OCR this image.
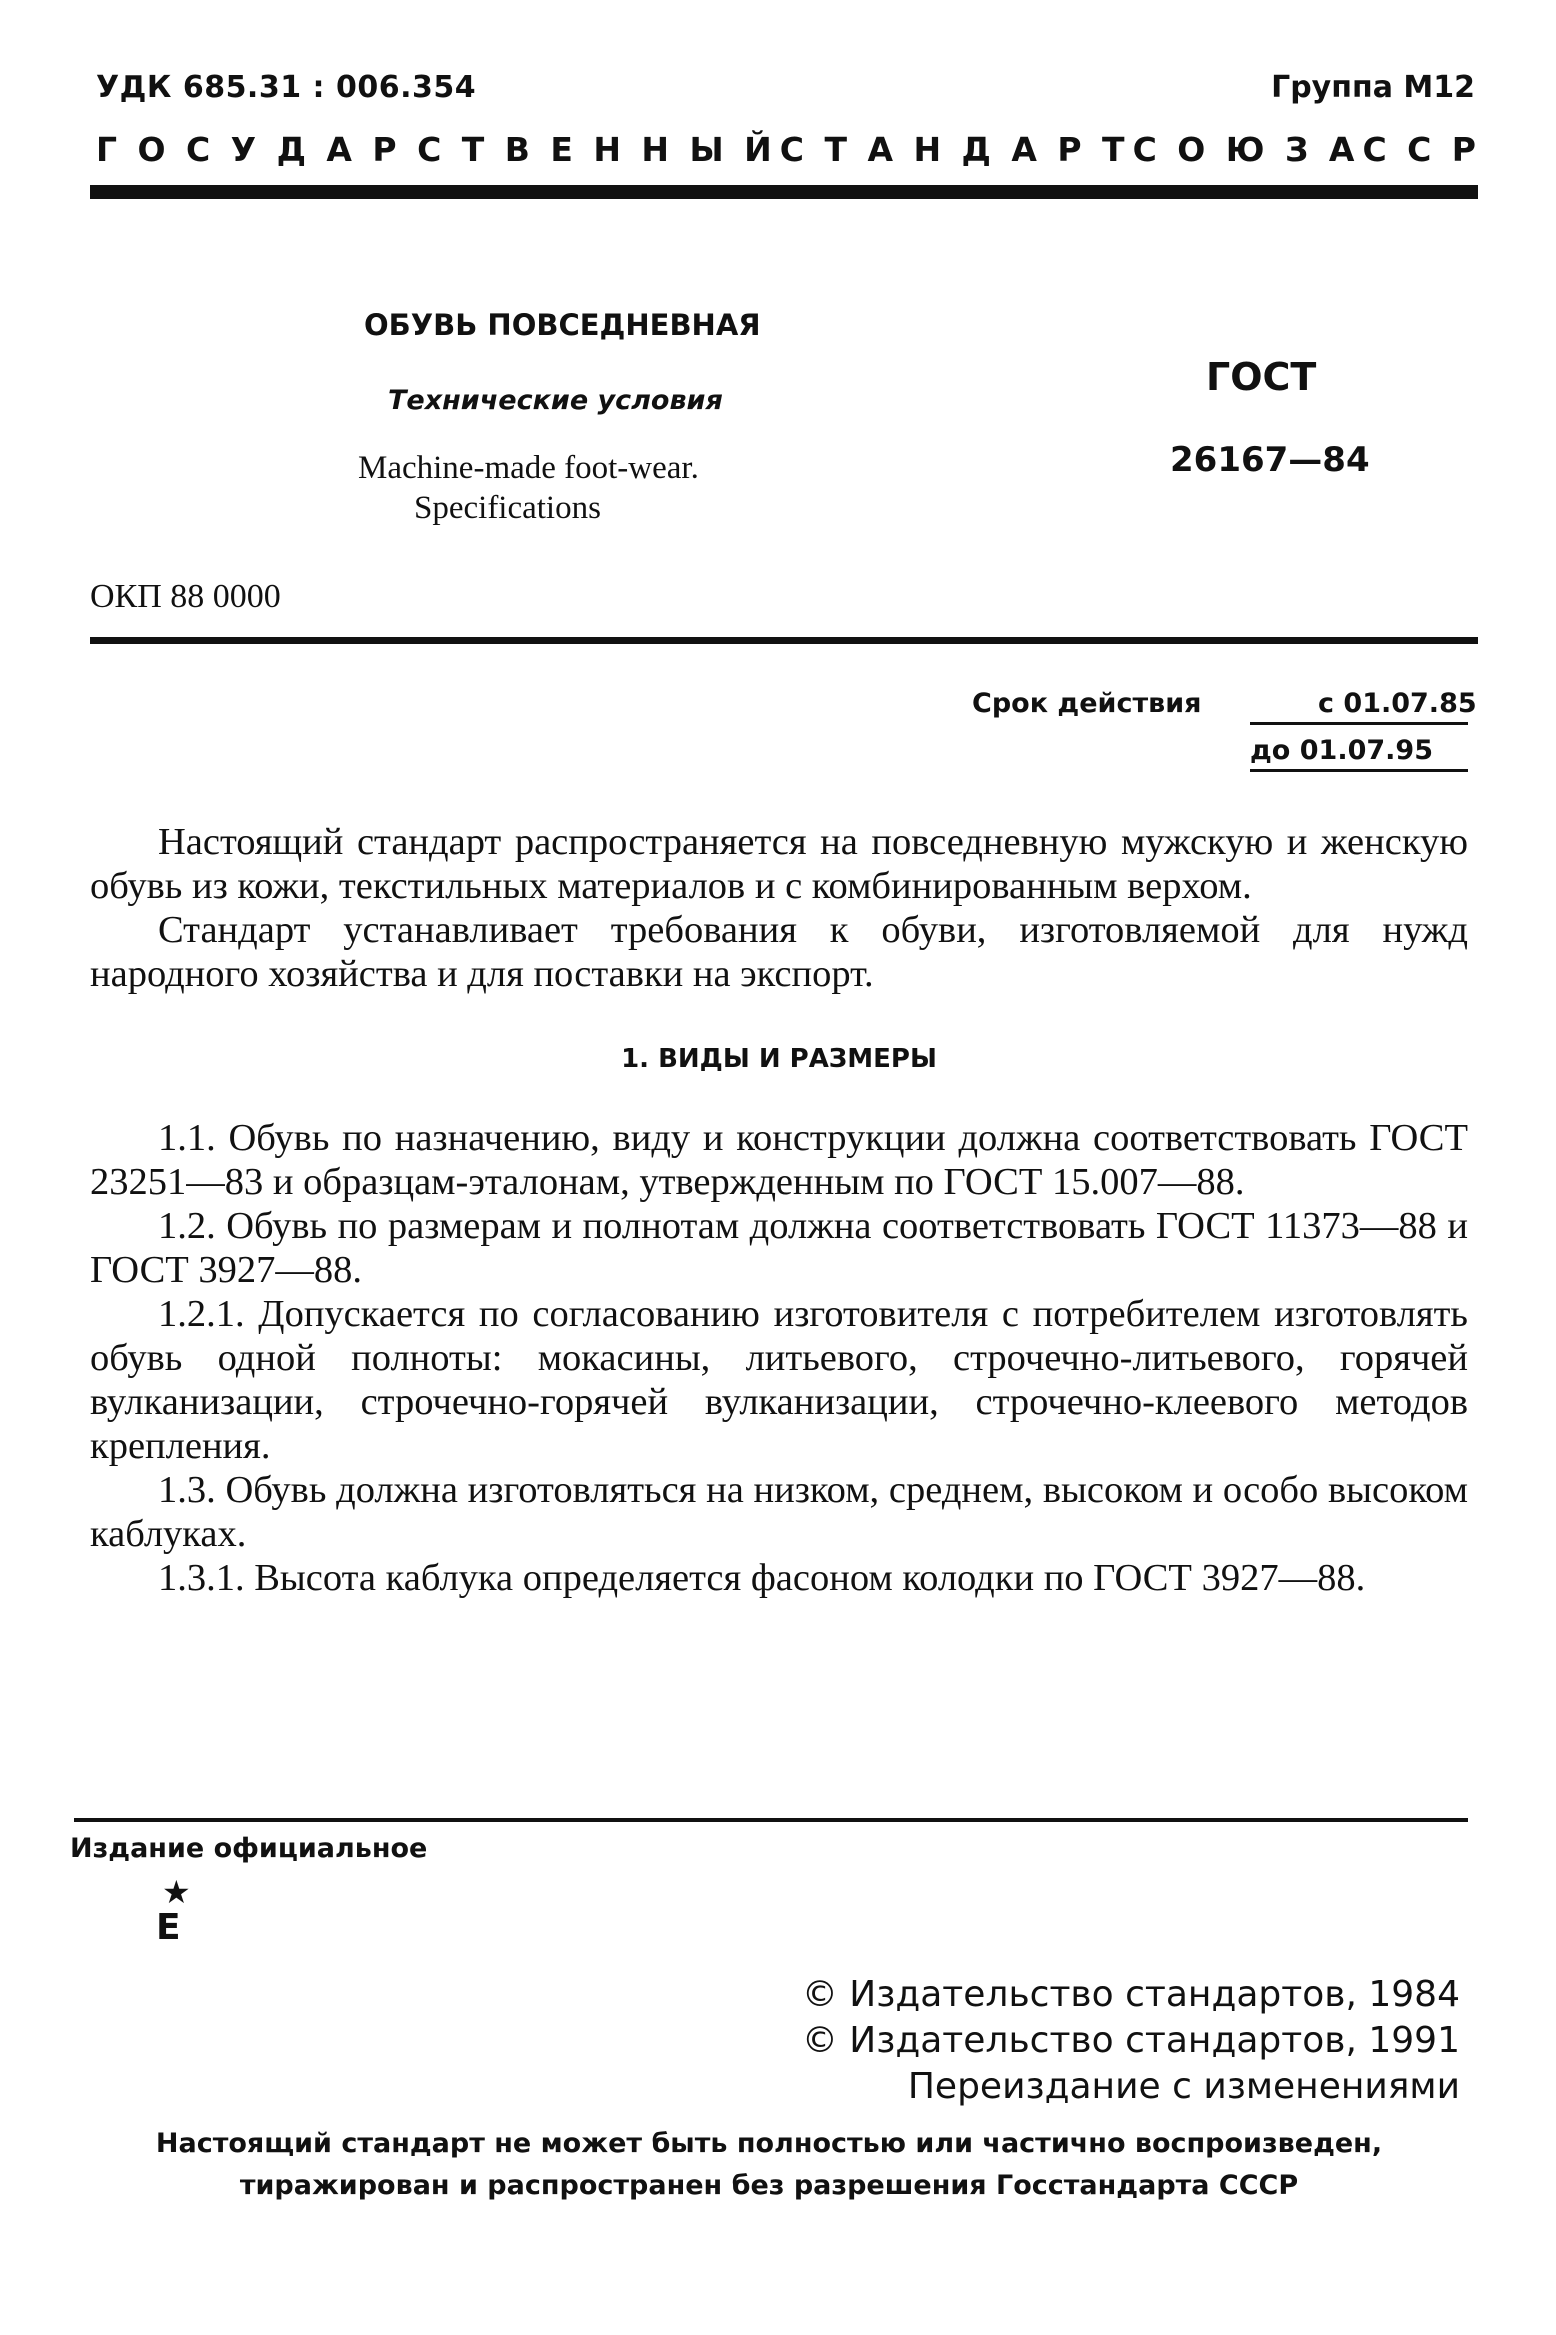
УДК 685.31 : 006.354	Группа М12
Г О С У Д А Р С Т В Е Н Н Ы Й С Т А Н Д А Р Т С О Ю З А С С Р
ОБУВЬ ПОВСЕДНЕВНАЯ
Технические условия
Machine-made foot-wear.
Specifications
ГОСТ
26167—84
ОКП 88 0000
Срок действия	с 01.07.85
до 01.07.95

Настоящий стандарт распространяется на повседневную мужскую и женскую обувь из кожи, текстильных материалов и с комбинированным верхом.

Стандарт устанавливает требования к обуви, изготовляемой для нужд народного хозяйства и для поставки на экспорт.

1. ВИДЫ И РАЗМЕРЫ

1.1. Обувь по назначению, виду и конструкции должна соответствовать ГОСТ 23251—83 и образцам-эталонам, утвержденным по ГОСТ 15.007—88.

1.2. Обувь по размерам и полнотам должна соответствовать ГОСТ 11373—88 и ГОСТ 3927—88.

1.2.1. Допускается по согласованию изготовителя с потребителем изготовлять обувь одной полноты: мокасины, литьевого, строчечно-литьевого, горячей вулканизации, строчечно-горячей вулканизации, строчечно-клеевого методов крепления.

1.3. Обувь должна изготовляться на низком, среднем, высоком и особо высоком каблуках.

1.3.1. Высота каблука определяется фасоном колодки по ГОСТ 3927—88.

Издание официальное
★
Е
© Издательство стандартов, 1984
© Издательство стандартов, 1991
Переиздание с изменениями
Настоящий стандарт не может быть полностью или частично воспроизведен,
тиражирован и распространен без разрешения Госстандарта СССР
